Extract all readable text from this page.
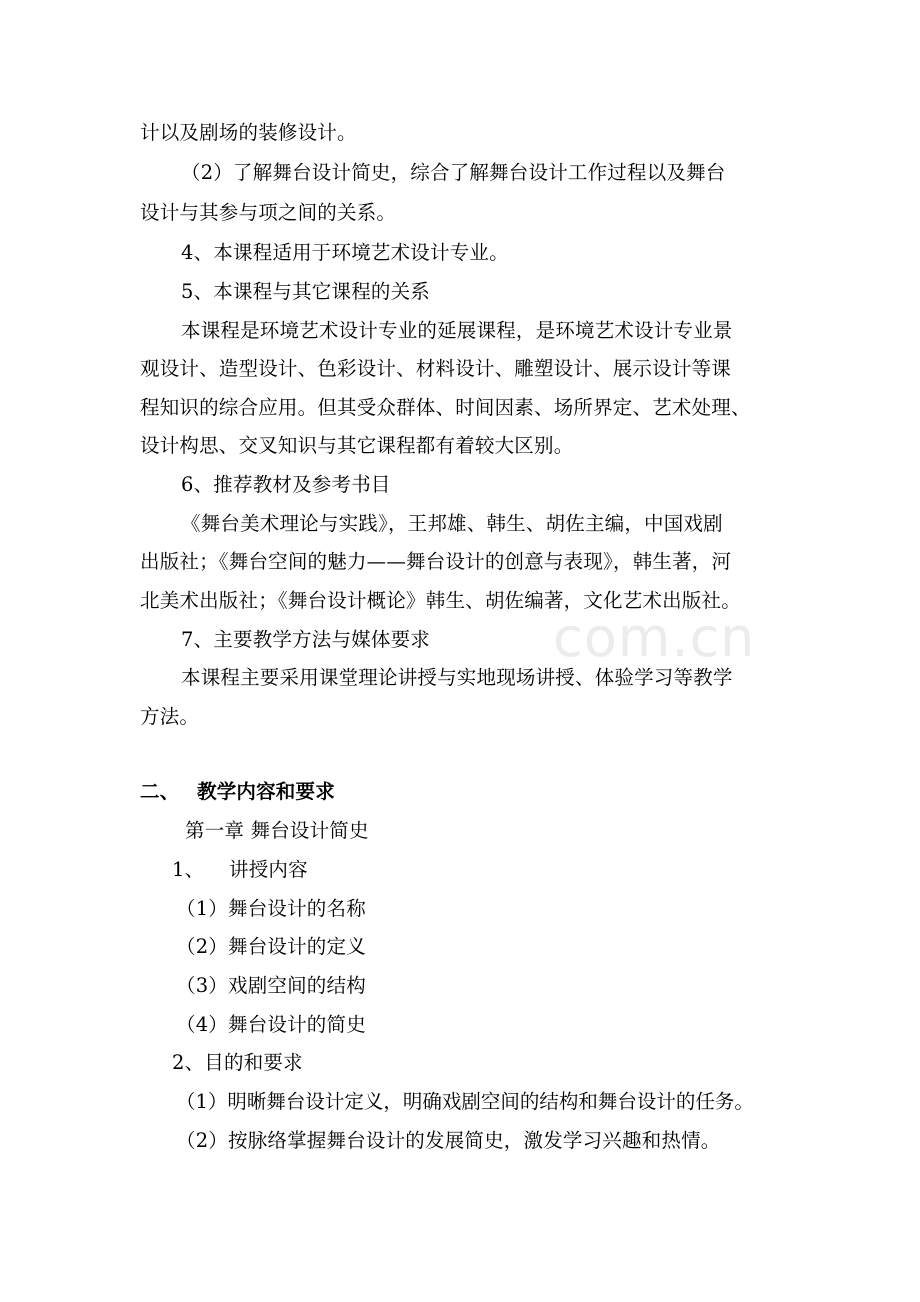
com.cn
计以及剧场的装修设计。
（2）了解舞台设计简史，综合了解舞台设计工作过程以及舞台
设计与其参与项之间的关系。
4、本课程适用于环境艺术设计专业。
5、本课程与其它课程的关系
本课程是环境艺术设计专业的延展课程，是环境艺术设计专业景
观设计、造型设计、色彩设计、材料设计、雕塑设计、展示设计等课
程知识的综合应用。但其受众群体、时间因素、场所界定、艺术处理、
设计构思、交叉知识与其它课程都有着较大区别。
6、推荐教材及参考书目
《舞台美术理论与实践》，王邦雄、韩生、胡佐主编，中国戏剧
出版社；《舞台空间的魅力——舞台设计的创意与表现》，韩生著，河
北美术出版社；《舞台设计概论》韩生、胡佐编著，文化艺术出版社。
7、主要教学方法与媒体要求
本课程主要采用课堂理论讲授与实地现场讲授、体验学习等教学
方法。
二、 教学内容和要求
第一章 舞台设计简史
1、 讲授内容
（1）舞台设计的名称
（2）舞台设计的定义
（3）戏剧空间的结构
（4）舞台设计的简史
2、目的和要求
（1）明晰舞台设计定义，明确戏剧空间的结构和舞台设计的任务。
（2）按脉络掌握舞台设计的发展简史，激发学习兴趣和热情。
